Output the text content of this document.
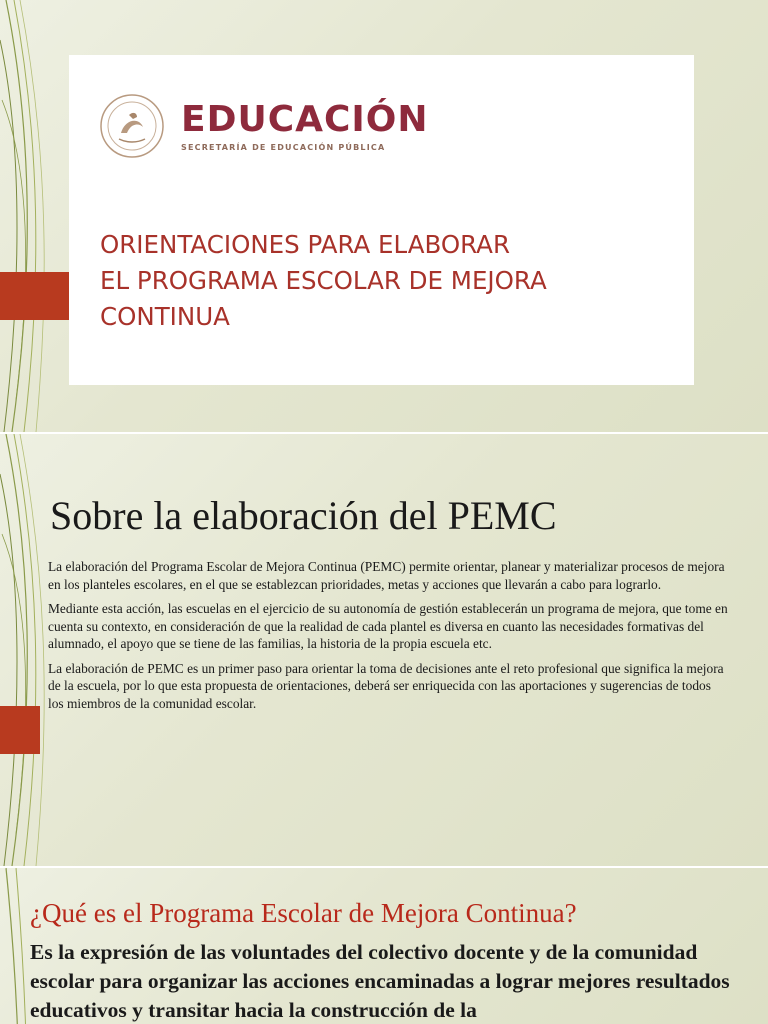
EDUCACIÓN
SECRETARÍA DE EDUCACIÓN PÚBLICA
ORIENTACIONES PARA ELABORAR
EL PROGRAMA ESCOLAR DE MEJORA
CONTINUA
Sobre la elaboración del PEMC

La elaboración del Programa Escolar de Mejora Continua (PEMC) permite orientar, planear y materializar procesos de mejora en los planteles escolares, en el que se establezcan prioridades, metas y acciones que llevarán a cabo para lograrlo.

Mediante esta acción, las escuelas en el ejercicio de su autonomía de gestión establecerán un programa de mejora, que tome en cuenta su contexto, en consideración de que la realidad de cada plantel es diversa en cuanto las necesidades formativas del alumnado, el apoyo que se tiene de las familias, la historia de la propia escuela etc.

La elaboración de PEMC es un primer paso para orientar la toma de decisiones ante el reto profesional que significa la mejora de la escuela, por lo que esta propuesta de orientaciones, deberá ser enriquecida con las aportaciones y sugerencias de todos los miembros de la comunidad escolar.

¿Qué es el Programa Escolar de Mejora Continua?
Es la expresión de las voluntades del colectivo docente y de la comunidad escolar para organizar las acciones encaminadas a lograr mejores resultados educativos y transitar hacia la construcción de la
